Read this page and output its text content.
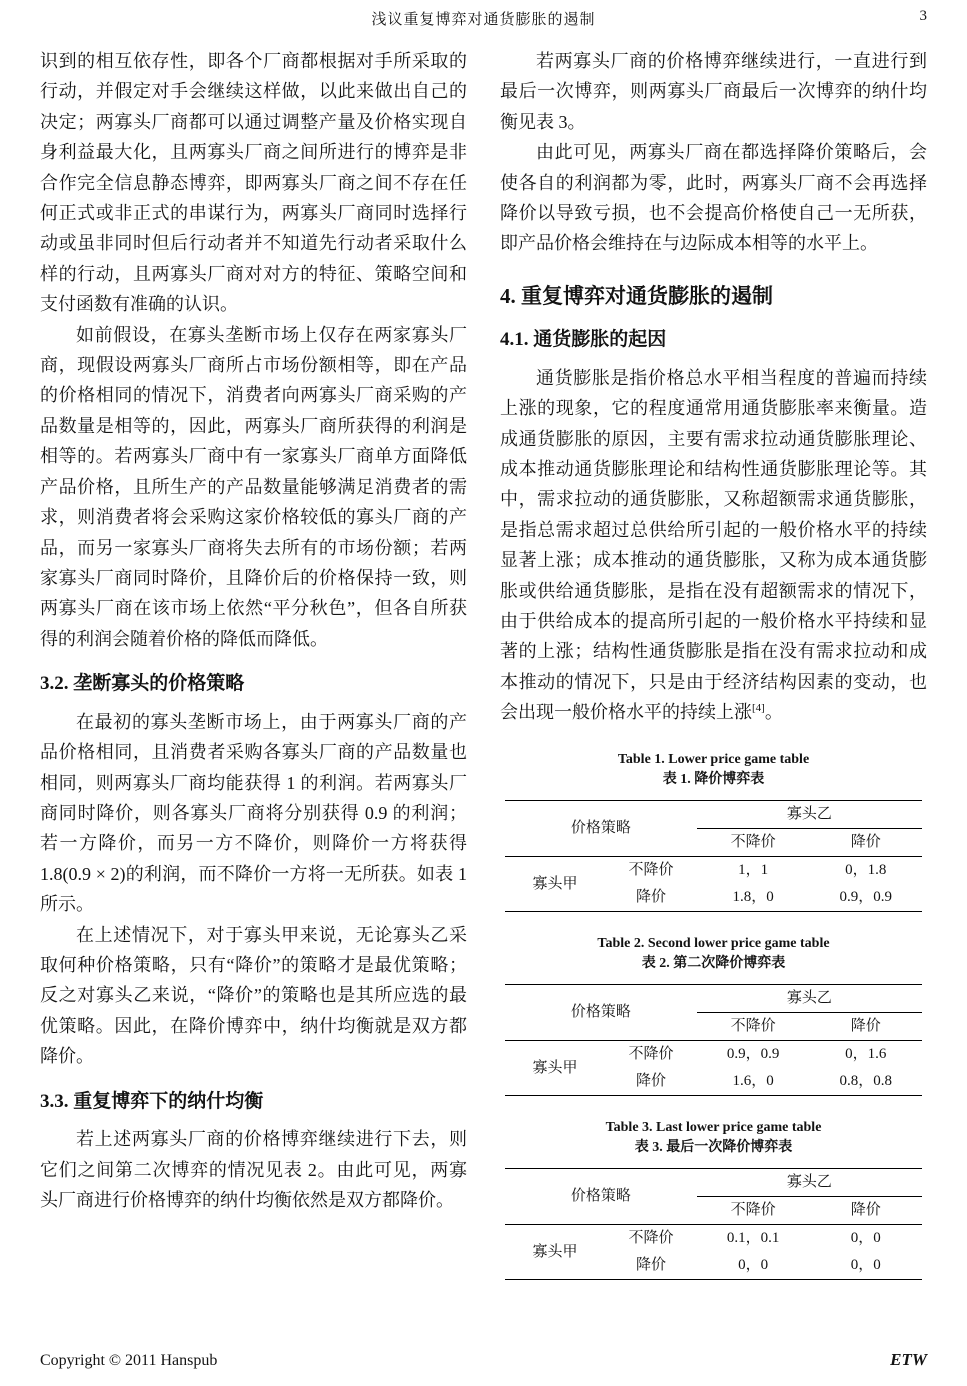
浅议重复博弈对通货膨胀的遏制	3

识到的相互依存性，即各个厂商都根据对手所采取的行动，并假定对手会继续这样做，以此来做出自己的决定；两寡头厂商都可以通过调整产量及价格实现自身利益最大化，且两寡头厂商之间所进行的博弈是非合作完全信息静态博弈，即两寡头厂商之间不存在任何正式或非正式的串谋行为，两寡头厂商同时选择行动或虽非同时但后行动者并不知道先行动者采取什么样的行动，且两寡头厂商对对方的特征、策略空间和支付函数有准确的认识。

如前假设，在寡头垄断市场上仅存在两家寡头厂商，现假设两寡头厂商所占市场份额相等，即在产品的价格相同的情况下，消费者向两寡头厂商采购的产品数量是相等的，因此，两寡头厂商所获得的利润是相等的。若两寡头厂商中有一家寡头厂商单方面降低产品价格，且所生产的产品数量能够满足消费者的需求，则消费者将会采购这家价格较低的寡头厂商的产品，而另一家寡头厂商将失去所有的市场份额；若两家寡头厂商同时降价，且降价后的价格保持一致，则两寡头厂商在该市场上依然“平分秋色”，但各自所获得的利润会随着价格的降低而降低。

3.2. 垄断寡头的价格策略

在最初的寡头垄断市场上，由于两寡头厂商的产品价格相同，且消费者采购各寡头厂商的产品数量也相同，则两寡头厂商均能获得 1 的利润。若两寡头厂商同时降价，则各寡头厂商将分别获得 0.9 的利润；若一方降价，而另一方不降价，则降价一方将获得1.8(0.9 × 2)的利润，而不降价一方将一无所获。如表 1 所示。

在上述情况下，对于寡头甲来说，无论寡头乙采取何种价格策略，只有“降价”的策略才是最优策略；反之对寡头乙来说，“降价”的策略也是其所应选的最优策略。因此，在降价博弈中，纳什均衡就是双方都降价。

3.3. 重复博弈下的纳什均衡

若上述两寡头厂商的价格博弈继续进行下去，则它们之间第二次博弈的情况见表 2。由此可见，两寡头厂商进行价格博弈的纳什均衡依然是双方都降价。

若两寡头厂商的价格博弈继续进行，一直进行到最后一次博弈，则两寡头厂商最后一次博弈的纳什均衡见表 3。

由此可见，两寡头厂商在都选择降价策略后，会使各自的利润都为零，此时，两寡头厂商不会再选择降价以导致亏损，也不会提高价格使自己一无所获，即产品价格会维持在与边际成本相等的水平上。

4. 重复博弈对通货膨胀的遏制
4.1. 通货膨胀的起因

通货膨胀是指价格总水平相当程度的普遍而持续上涨的现象，它的程度通常用通货膨胀率来衡量。造成通货膨胀的原因，主要有需求拉动通货膨胀理论、成本推动通货膨胀理论和结构性通货膨胀理论等。其中，需求拉动的通货膨胀，又称超额需求通货膨胀，是指总需求超过总供给所引起的一般价格水平的持续显著上涨；成本推动的通货膨胀，又称为成本通货膨胀或供给通货膨胀，是指在没有超额需求的情况下，由于供给成本的提高所引起的一般价格水平持续和显著的上涨；结构性通货膨胀是指在没有需求拉动和成本推动的情况下，只是由于经济结构因素的变动，也会出现一般价格水平的持续上涨[4]。

Table 1. Lower price game table
表 1. 降价博弈表
价格策略		寡头乙	
		不降价	降价
寡头甲	不降价	1，1	0，1.8
	降价	1.8，0	0.9，0.9
Table 2. Second lower price game table
表 2. 第二次降价博弈表
价格策略		寡头乙	
		不降价	降价
寡头甲	不降价	0.9，0.9	0，1.6
	降价	1.6，0	0.8，0.8
Table 3. Last lower price game table
表 3. 最后一次降价博弈表
价格策略		寡头乙	
		不降价	降价
寡头甲	不降价	0.1，0.1	0，0
	降价	0，0	0，0
Copyright © 2011 Hanspub	ETW
